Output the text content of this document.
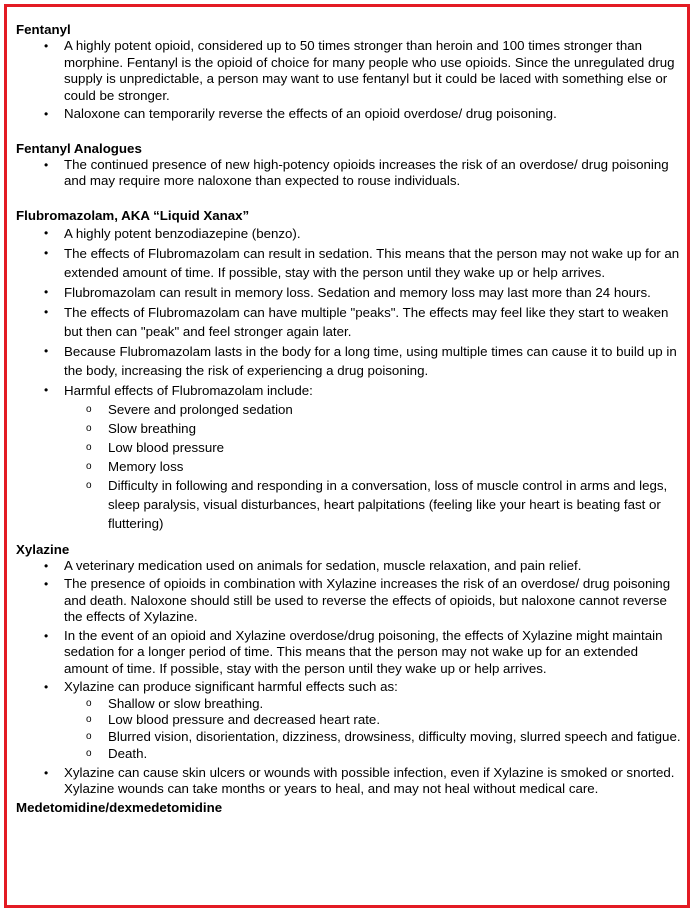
Fentanyl
• A highly potent opioid, considered up to 50 times stronger than heroin and 100 times stronger than morphine. Fentanyl is the opioid of choice for many people who use opioids. Since the unregulated drug supply is unpredictable, a person may want to use fentanyl but it could be laced with something else or could be stronger.
• Naloxone can temporarily reverse the effects of an opioid overdose/ drug poisoning.
Fentanyl Analogues
• The continued presence of new high-potency opioids increases the risk of an overdose/ drug poisoning and may require more naloxone than expected to rouse individuals.
Flubromazolam, AKA “Liquid Xanax”
• A highly potent benzodiazepine (benzo).
• The effects of Flubromazolam can result in sedation. This means that the person may not wake up for an extended amount of time. If possible, stay with the person until they wake up or help arrives.
• Flubromazolam can result in memory loss. Sedation and memory loss may last more than 24 hours.
• The effects of Flubromazolam can have multiple "peaks". The effects may feel like they start to weaken but then can "peak" and feel stronger again later.
• Because Flubromazolam lasts in the body for a long time, using multiple times can cause it to build up in the body, increasing the risk of experiencing a drug poisoning.
• Harmful effects of Flubromazolam include:
o Severe and prolonged sedation
o Slow breathing
o Low blood pressure
o Memory loss
o Difficulty in following and responding in a conversation, loss of muscle control in arms and legs, sleep paralysis, visual disturbances, heart palpitations (feeling like your heart is beating fast or fluttering)
Xylazine
• A veterinary medication used on animals for sedation, muscle relaxation, and pain relief.
• The presence of opioids in combination with Xylazine increases the risk of an overdose/ drug poisoning and death. Naloxone should still be used to reverse the effects of opioids, but naloxone cannot reverse the effects of Xylazine.
• In the event of an opioid and Xylazine overdose/drug poisoning, the effects of Xylazine might maintain sedation for a longer period of time. This means that the person may not wake up for an extended amount of time. If possible, stay with the person until they wake up or help arrives.
• Xylazine can produce significant harmful effects such as:
o Shallow or slow breathing.
o Low blood pressure and decreased heart rate.
o Blurred vision, disorientation, dizziness, drowsiness, difficulty moving, slurred speech and fatigue.
o Death.
• Xylazine can cause skin ulcers or wounds with possible infection, even if Xylazine is smoked or snorted. Xylazine wounds can take months or years to heal, and may not heal without medical care.
Medetomidine/dexmedetomidine
